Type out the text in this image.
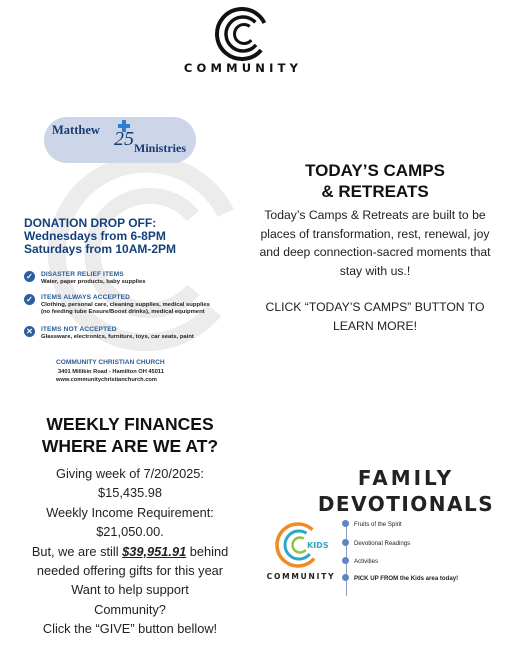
COMMUNITY
Matthew 25 Ministries
DONATION DROP OFF:
Wednesdays from 6-8PM
Saturdays from 10AM-2PM
✓	DISASTER RELIEF ITEMS
Water, paper products, baby supplies
✓	ITEMS ALWAYS ACCEPTED
Clothing, personal care, cleaning supplies, medical supplies
(no feeding tube Ensure/Boost drinks), medical equipment
✕	ITEMS NOT ACCEPTED
Glassware, electronics, furniture, toys, car seats, paint
COMMUNITY CHRISTIAN CHURCH
3401 Millikin Road - Hamilton OH 45011
www.communitychristianchurch.com
TODAY’S CAMPS
& RETREATS
Today’s Camps & Retreats are built to be places of transformation, rest, renewal, joy and deep connection-sacred moments that stay with us.!
CLICK “TODAY’S CAMPS” BUTTON TO LEARN MORE!
WEEKLY FINANCES
WHERE ARE WE AT?
Giving week of 7/20/2025:
$15,435.98
Weekly Income Requirement:
$21,050.00.
But, we are still $39,951.91 behind
needed offering gifts for this year
Want to help support
Community?
Click the “GIVE” button bellow!
FAMILY
DEVOTIONALS
KIDS
COMMUNITY
Fruits of the Spirit
Devotional Readings
Activities
PICK UP FROM the Kids area today!
